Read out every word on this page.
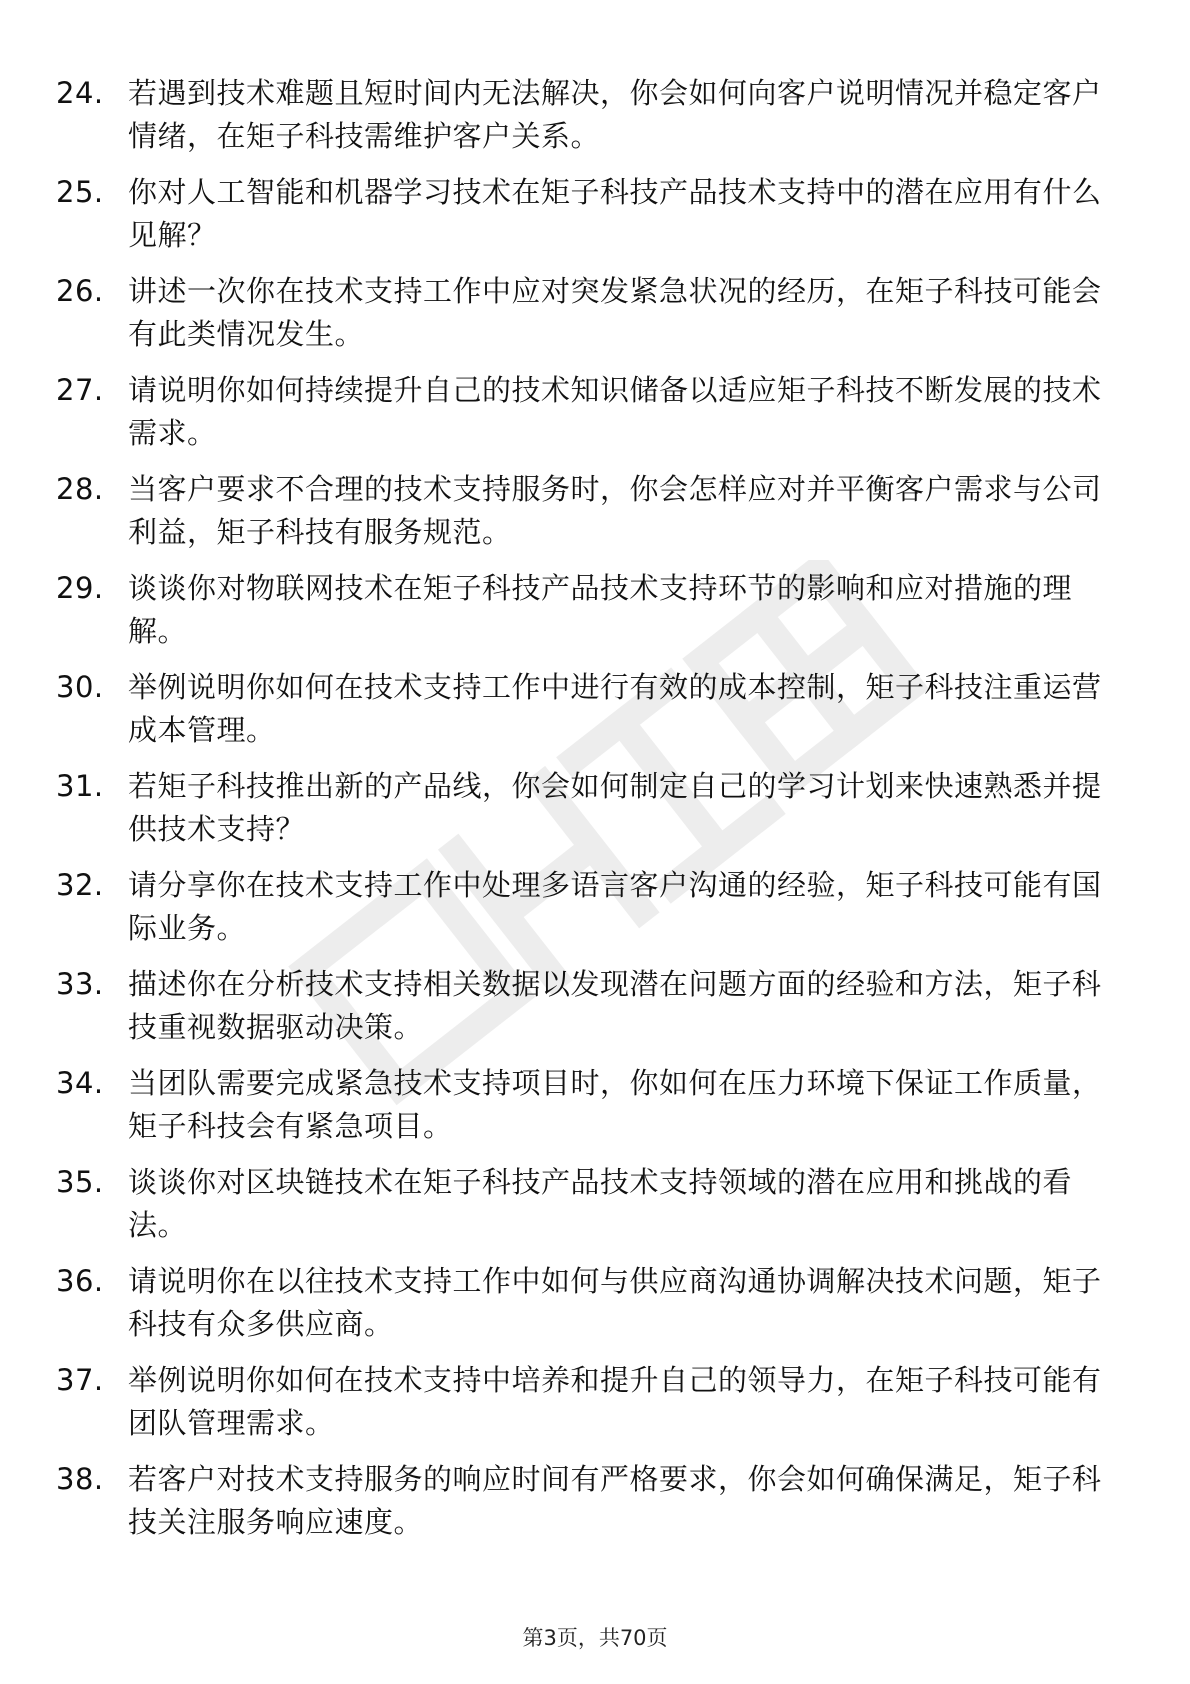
24. 若遇到技术难题且短时间内无法解决，你会如何向客户说明情况并稳定客户情绪，在矩子科技需维护客户关系。
25. 你对人工智能和机器学习技术在矩子科技产品技术支持中的潜在应用有什么见解？
26. 讲述一次你在技术支持工作中应对突发紧急状况的经历，在矩子科技可能会有此类情况发生。
27. 请说明你如何持续提升自己的技术知识储备以适应矩子科技不断发展的技术需求。
28. 当客户要求不合理的技术支持服务时，你会怎样应对并平衡客户需求与公司利益，矩子科技有服务规范。
29. 谈谈你对物联网技术在矩子科技产品技术支持环节的影响和应对措施的理解。
30. 举例说明你如何在技术支持工作中进行有效的成本控制，矩子科技注重运营成本管理。
31. 若矩子科技推出新的产品线，你会如何制定自己的学习计划来快速熟悉并提供技术支持？
32. 请分享你在技术支持工作中处理多语言客户沟通的经验，矩子科技可能有国际业务。
33. 描述你在分析技术支持相关数据以发现潜在问题方面的经验和方法，矩子科技重视数据驱动决策。
34. 当团队需要完成紧急技术支持项目时，你如何在压力环境下保证工作质量，矩子科技会有紧急项目。
35. 谈谈你对区块链技术在矩子科技产品技术支持领域的潜在应用和挑战的看法。
36. 请说明你在以往技术支持工作中如何与供应商沟通协调解决技术问题，矩子科技有众多供应商。
37. 举例说明你如何在技术支持中培养和提升自己的领导力，在矩子科技可能有团队管理需求。
38. 若客户对技术支持服务的响应时间有严格要求，你会如何确保满足，矩子科技关注服务响应速度。
第3页，共70页
